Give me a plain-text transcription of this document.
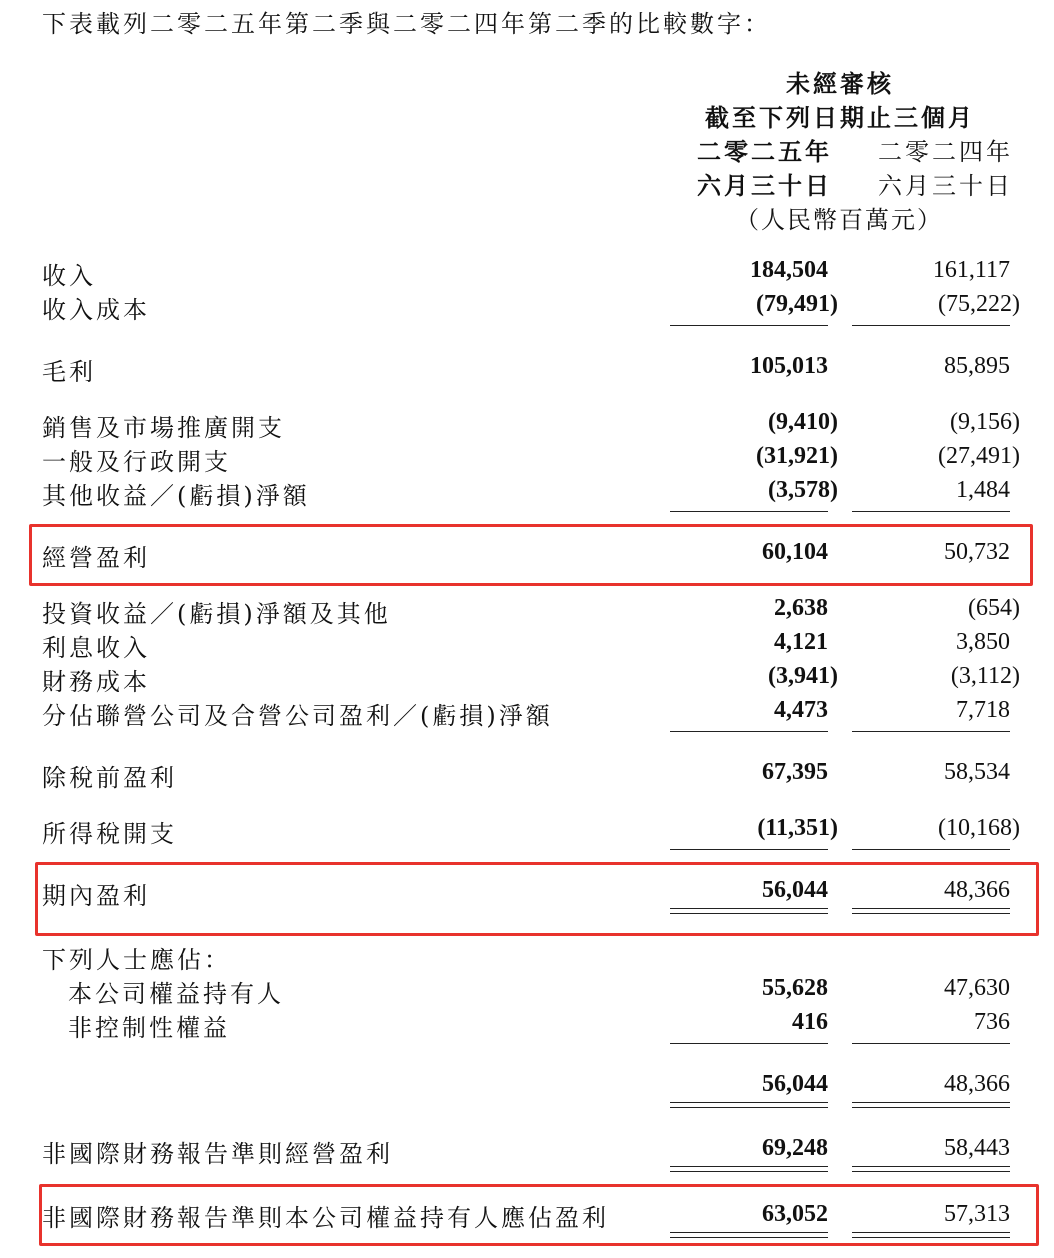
下表載列二零二五年第二季與二零二四年第二季的比較數字：
未經審核
截至下列日期止三個月
二零二五年 二零二四年
六月三十日 六月三十日
（人民幣百萬元）
收入	184,504	161,117
收入成本	(79,491)	(75,222)
毛利	105,013	85,895
銷售及市場推廣開支	(9,410)	(9,156)
一般及行政開支	(31,921)	(27,491)
其他收益／(虧損)淨額	(3,578)	1,484
經營盈利	60,104	50,732
投資收益／(虧損)淨額及其他	2,638	(654)
利息收入	4,121	3,850
財務成本	(3,941)	(3,112)
分佔聯營公司及合營公司盈利／(虧損)淨額	4,473	7,718
除稅前盈利	67,395	58,534
所得稅開支	(11,351)	(10,168)
期內盈利	56,044	48,366
下列人士應佔：
本公司權益持有人	55,628	47,630
非控制性權益	416	736
56,044	48,366
非國際財務報告準則經營盈利	69,248	58,443
非國際財務報告準則本公司權益持有人應佔盈利	63,052	57,313
